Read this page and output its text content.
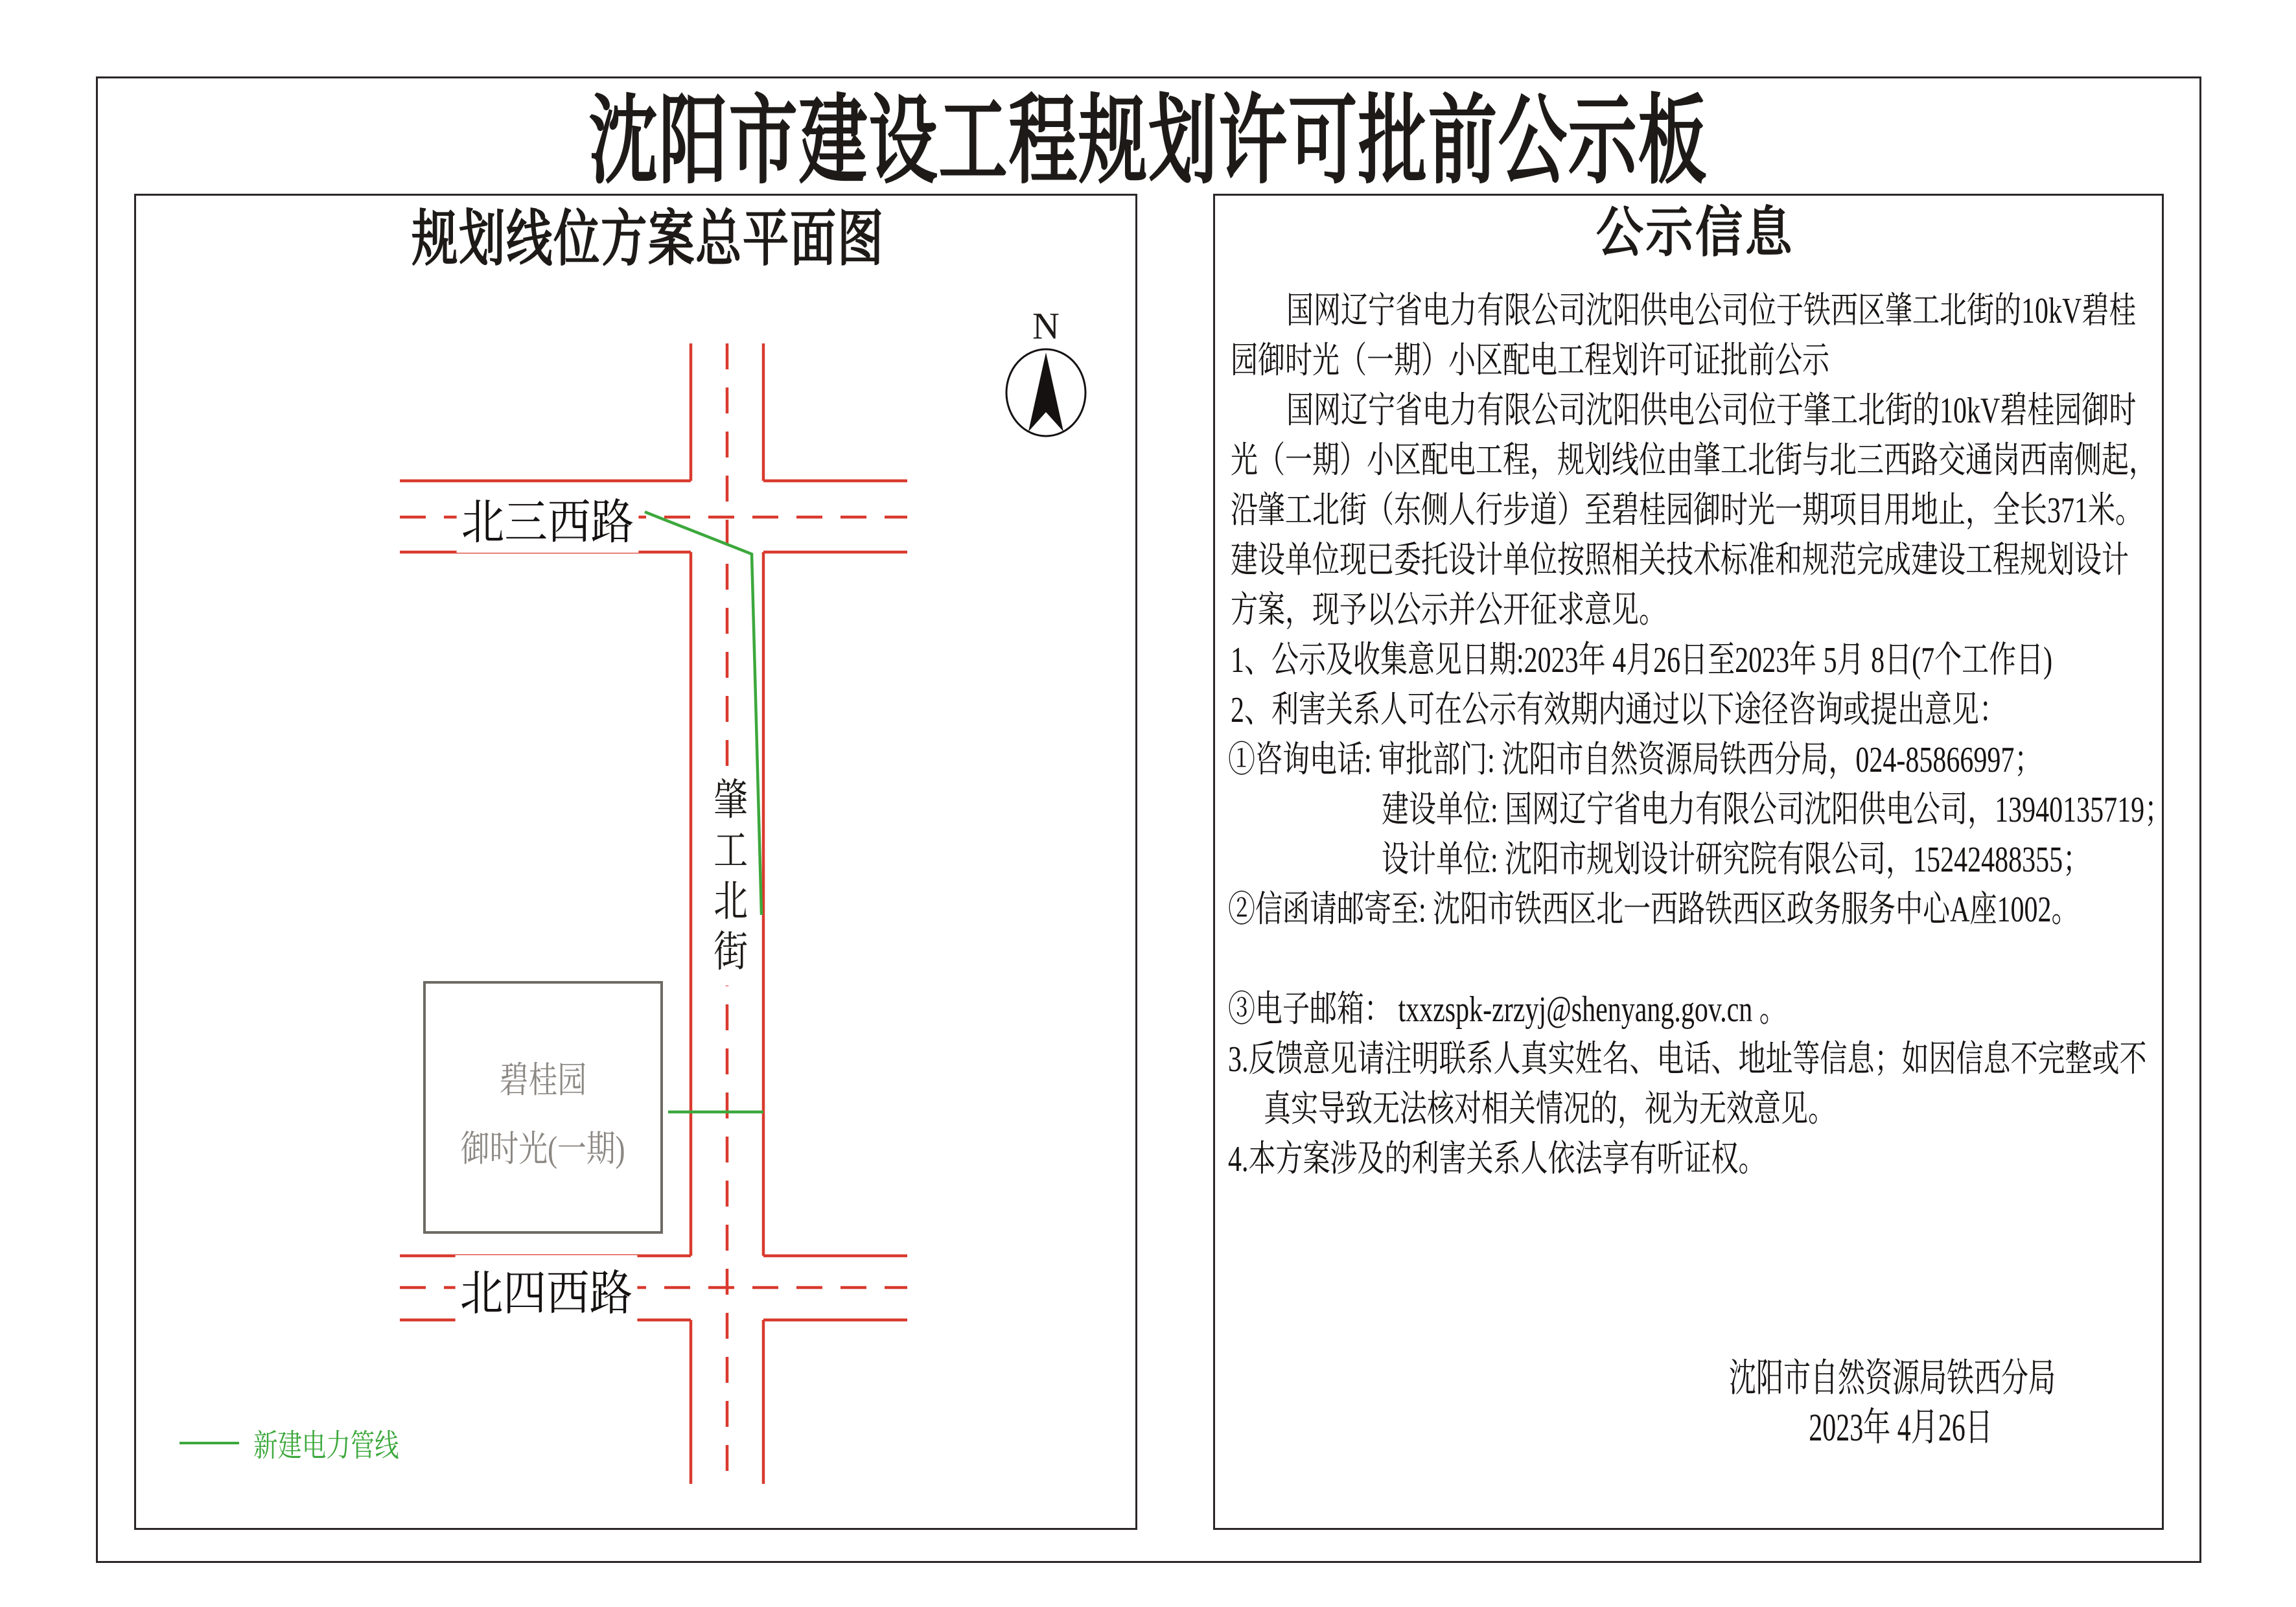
沈阳市建设工程规划许可批前公示板
规划线位方案总平面图
N
北三西路
北四西路
肇工北街
碧桂园
御时光(一期)
新建电力管线
公示信息
国网辽宁省电力有限公司沈阳供电公司位于铁西区肇工北街的10kV碧桂
园御时光（一期）小区配电工程划许可证批前公示
国网辽宁省电力有限公司沈阳供电公司位于肇工北街的10kV碧桂园御时
光（一期）小区配电工程，规划线位由肇工北街与北三西路交通岗西南侧起，
沿肇工北街（东侧人行步道）至碧桂园御时光一期项目用地止，全长371米。
建设单位现已委托设计单位按照相关技术标准和规范完成建设工程规划设计
方案，现予以公示并公开征求意见。
1、公示及收集意见日期:2023年 4月26日至2023年 5月 8日(7个工作日)
2、利害关系人可在公示有效期内通过以下途径咨询或提出意见：
①咨询电话: 审批部门: 沈阳市自然资源局铁西分局，024-85866997；
建设单位: 国网辽宁省电力有限公司沈阳供电公司，13940135719；
设计单位: 沈阳市规划设计研究院有限公司，15242488355；
②信函请邮寄至: 沈阳市铁西区北一西路铁西区政务服务中心A座1002。
③电子邮箱： txxzspk-zrzyj@shenyang.gov.cn 。
3.反馈意见请注明联系人真实姓名、电话、地址等信息；如因信息不完整或不
真实导致无法核对相关情况的，视为无效意见。
4.本方案涉及的利害关系人依法享有听证权。
沈阳市自然资源局铁西分局
2023年 4月26日
